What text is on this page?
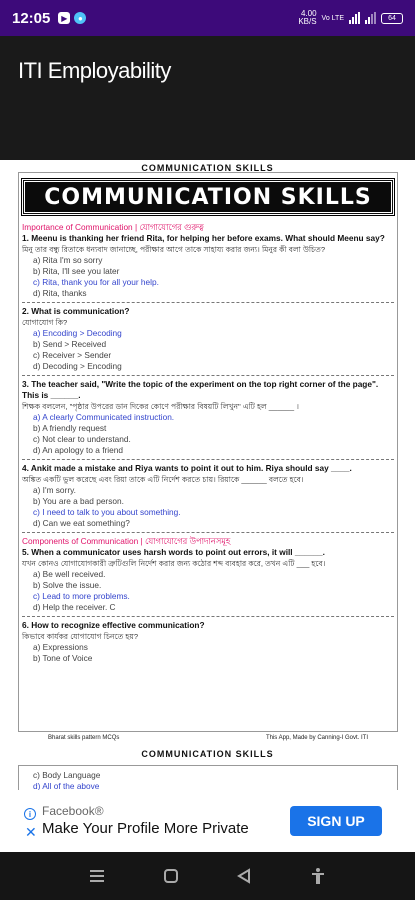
12:05	▶	●	4.00
KB/S Vo LTE	64
ITI Employability
COMMUNICATION SKILLS
COMMUNICATION SKILLS
Importance of Communication | যোগাযোগের গুরুত্ব
1. Meenu is thanking her friend Rita, for helping her before exams. What should Meenu say?
মিনু তার বন্ধু রিতাকে ধন্যবাদ জানাচ্ছে, পরীক্ষার আগে তাকে সাহায্য করার জন্য। মিনুর কী বলা উচিত?
a) Rita I'm so sorry
b) Rita, I'll see you later
c) Rita, thank you for all your help.
d) Rita, thanks
2. What is communication?
যোগাযোগ কি?
a) Encoding > Decoding
b) Send > Received
c) Receiver > Sender
d) Decoding > Encoding
3. The teacher said, "Write the topic of the experiment on the top right corner of the page". This is ______.
শিক্ষক বললেন, "পৃষ্ঠার উপরের ডান দিকের কোণে পরীক্ষার বিষয়টি লিখুন" এটি হল ______ ।
a) A clearly Communicated instruction.
b) A friendly request
c) Not clear to understand.
d) An apology to a friend
4. Ankit made a mistake and Riya wants to point it out to him. Riya should say ____.
অঙ্কিত একটি ভুল করেছে এবং রিয়া তাকে এটি নির্দেশ করতে চায়। রিয়াকে ______ বলতে হবে।
a) I'm sorry.
b) You are a bad person.
c) I need to talk to you about something.
d) Can we eat something?
Components of Communication | যোগাযোগের উপাদানসমূহ
5. When a communicator uses harsh words to point out errors, it will ______.
যখন কোনও যোগাযোগকারী ত্রুটিগুলি নির্দেশ করার জন্য কঠোর শব্দ ব্যবহার করে, তখন এটি ___ হবে।
a) Be well received.
b) Solve the issue.
c) Lead to more problems.
d) Help the receiver. C
6. How to recognize effective communication?
কিভাবে কার্যকর যোগাযোগ চিনতে হয়?
a) Expressions
b) Tone of Voice
Bharat skills pattern MCQs	This App, Made by Canning-I Govt. ITI
COMMUNICATION SKILLS
c) Body Language
d) All of the above
i
✕
Facebook®
Make Your Profile More Private	SIGN UP
